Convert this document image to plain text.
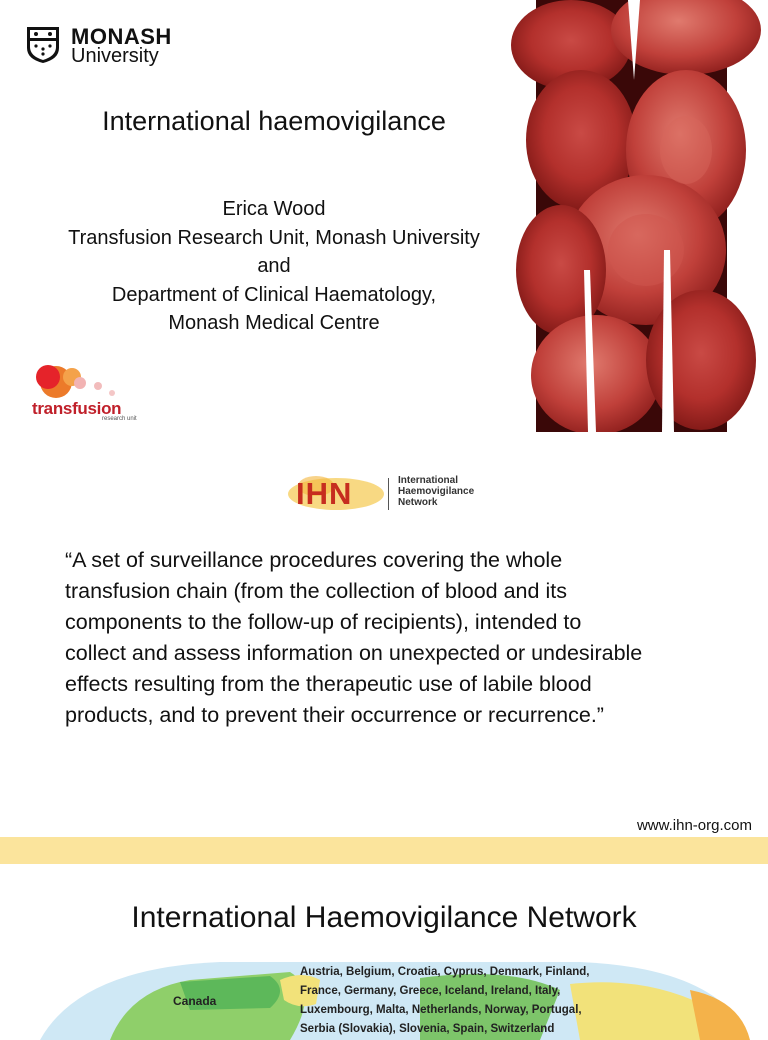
MONASH
University
International haemovigilance
Erica Wood
Transfusion Research Unit, Monash University
and
Department of Clinical Haematology,
Monash Medical Centre
transfusion
research unit
IHN	International
Haemovigilance
Network
“A set of surveillance procedures covering the whole
transfusion chain (from the collection of blood and its
components to the follow-up of recipients), intended to
collect and assess information on unexpected or undesirable
effects resulting from the therapeutic use of labile blood
products, and to prevent their occurrence or recurrence.”
www.ihn-org.com
International Haemovigilance Network
Canada
Austria, Belgium, Croatia, Cyprus, Denmark, Finland,
France, Germany, Greece, Iceland, Ireland, Italy,
Luxembourg, Malta, Netherlands, Norway, Portugal,
Serbia (Slovakia), Slovenia, Spain, Switzerland
